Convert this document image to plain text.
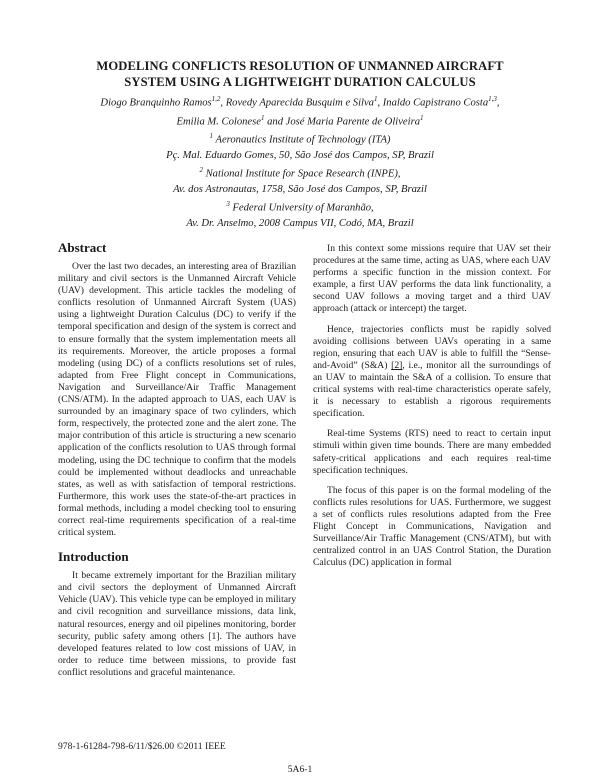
MODELING CONFLICTS RESOLUTION OF UNMANNED AIRCRAFT
SYSTEM USING A LIGHTWEIGHT DURATION CALCULUS
Diogo Branquinho Ramos$^{1,2}$, Rovedy Aparecida Busquim e Silva$^1$, Inaldo Capistrano Costa$^{1,3}$,
Emilia M. Colonese$^1$ and José Maria Parente de Oliveira$^1$
$^1$ Aeronautics Institute of Technology (ITA)
Pç. Mal. Eduardo Gomes, 50, São José dos Campos, SP, Brazil
$^2$ National Institute for Space Research (INPE),
Av. dos Astronautas, 1758, São José dos Campos, SP, Brazil
$^3$ Federal University of Maranhão,
Av. Dr. Anselmo, 2008 Campus VII, Codó, MA, Brazil
Abstract

Over the last two decades, an interesting area of Brazilian military and civil sectors is the Unmanned Aircraft Vehicle (UAV) development. This article tackles the modeling of conflicts resolution of Unmanned Aircraft System (UAS) using a lightweight Duration Calculus (DC) to verify if the temporal specification and design of the system is correct and to ensure formally that the system implementation meets all its requirements. Moreover, the article proposes a formal modeling (using DC) of a conflicts resolutions set of rules, adapted from Free Flight concept in Communications, Navigation and Surveillance/Air Traffic Management (CNS/ATM). In the adapted approach to UAS, each UAV is surrounded by an imaginary space of two cylinders, which form, respectively, the protected zone and the alert zone. The major contribution of this article is structuring a new scenario application of the conflicts resolution to UAS through formal modeling, using the DC technique to confirm that the models could be implemented without deadlocks and unreachable states, as well as with satisfaction of temporal restrictions. Furthermore, this work uses the state-of-the-art practices in formal methods, including a model checking tool to ensuring correct real-time requirements specification of a real-time critical system.

Introduction

It became extremely important for the Brazilian military and civil sectors the deployment of Unmanned Aircraft Vehicle (UAV). This vehicle type can be employed in military and civil recognition and surveillance missions, data link, natural resources, energy and oil pipelines monitoring, border security, public safety among others [1]. The authors have developed features related to low cost missions of UAV, in order to reduce time between missions, to provide fast conflict resolutions and graceful maintenance.

In this context some missions require that UAV set their procedures at the same time, acting as UAS, where each UAV performs a specific function in the mission context. For example, a first UAV performs the data link functionality, a second UAV follows a moving target and a third UAV approach (attack or intercept) the target.

Hence, trajectories conflicts must be rapidly solved avoiding collisions between UAVs operating in a same region, ensuring that each UAV is able to fulfill the “Sense-and-Avoid” (S&A) [2], i.e., monitor all the surroundings of an UAV to maintain the S&A of a collision. To ensure that critical systems with real-time characteristics operate safely, it is necessary to establish a rigorous requirements specification.

Real-time Systems (RTS) need to react to certain input stimuli within given time bounds. There are many embedded safety-critical applications and each requires real-time specification techniques.

The focus of this paper is on the formal modeling of the conflicts rules resolutions for UAS. Furthermore, we suggest a set of conflicts rules resolutions adapted from the Free Flight Concept in Communications, Navigation and Surveillance/Air Traffic Management (CNS/ATM), but with centralized control in an UAS Control Station, the Duration Calculus (DC) application in formal

978-1-61284-798-6/11/$26.00 ©2011 IEEE
5A6-1
